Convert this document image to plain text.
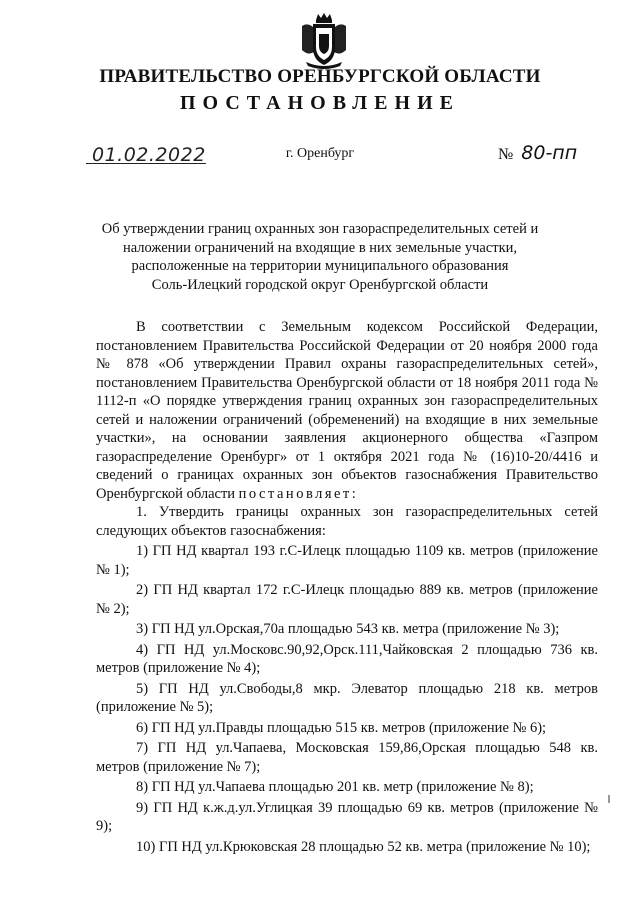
ПРАВИТЕЛЬСТВО ОРЕНБУРГСКОЙ ОБЛАСТИ
ПОСТАНОВЛЕНИЕ
01.02.2022	г. Оренбург	№ 80-пп
Об утверждении границ охранных зон газораспределительных сетей и
наложении ограничений на входящие в них земельные участки,
расположенные на территории муниципального образования
Соль-Илецкий городской округ Оренбургской области

В соответствии с Земельным кодексом Российской Федерации, постановлением Правительства Российской Федерации от 20 ноября 2000 года № 878 «Об утверждении Правил охраны газораспределительных сетей», постановлением Правительства Оренбургской области от 18 ноября 2011 года № 1112-п «О порядке утверждения границ охранных зон газораспределительных сетей и наложении ограничений (обременений) на входящие в них земельные участки», на основании заявления акционерного общества «Газпром газораспределение Оренбург» от 1 октября 2021 года № (16)10-20/4416 и сведений о границах охранных зон объектов газоснабжения Правительство Оренбургской области постановляет:

1. Утвердить границы охранных зон газораспределительных сетей следующих объектов газоснабжения:

1) ГП НД квартал 193 г.С-Илецк площадью 1109 кв. метров (приложение № 1);

2) ГП НД квартал 172 г.С-Илецк площадью 889 кв. метров (приложение № 2);

3) ГП НД ул.Орская,70а площадью 543 кв. метра (приложение № 3);

4) ГП НД ул.Московс.90,92,Орск.111,Чайковская 2 площадью 736 кв. метров (приложение № 4);

5) ГП НД ул.Свободы,8 мкр. Элеватор площадью 218 кв. метров (приложение № 5);

6) ГП НД ул.Правды площадью 515 кв. метров (приложение № 6);

7) ГП НД ул.Чапаева, Московская 159,86,Орская площадью 548 кв. метров (приложение № 7);

8) ГП НД ул.Чапаева площадью 201 кв. метр (приложение № 8);

9) ГП НД к.ж.д.ул.Углицкая 39 площадью 69 кв. метров (приложение № 9);

10) ГП НД ул.Крюковская 28 площадью 52 кв. метра (приложение № 10);
